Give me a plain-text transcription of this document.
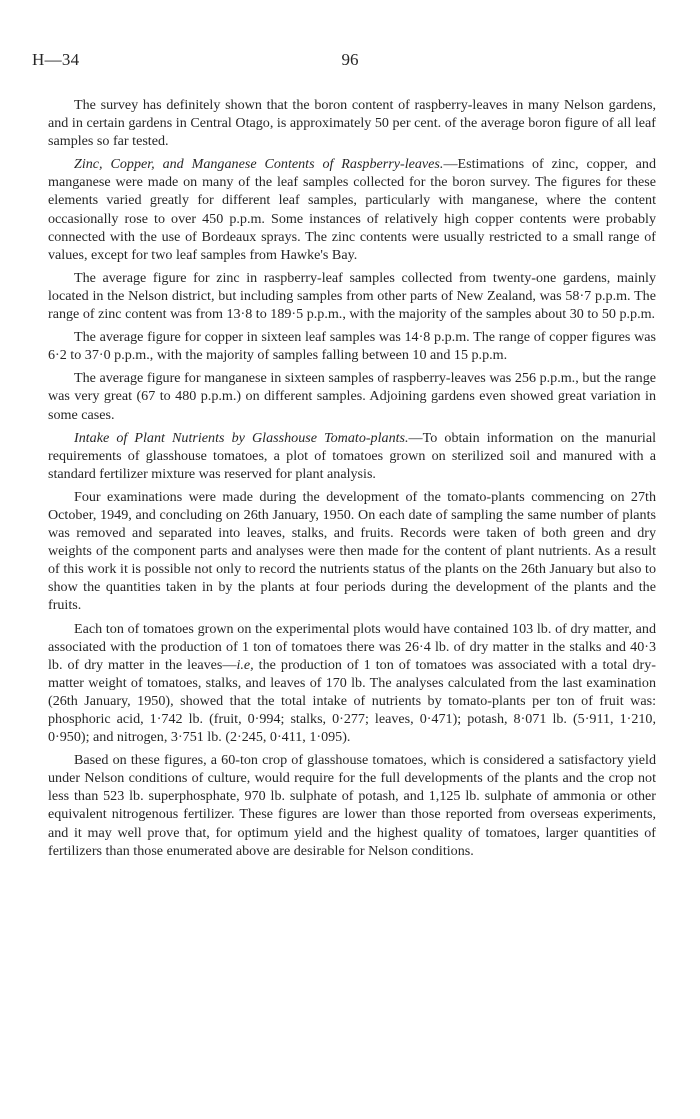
H—34	96

The survey has definitely shown that the boron content of raspberry-leaves in many Nelson gardens, and in certain gardens in Central Otago, is approximately 50 per cent. of the average boron figure of all leaf samples so far tested.

Zinc, Copper, and Manganese Contents of Raspberry-leaves.—Estimations of zinc, copper, and manganese were made on many of the leaf samples collected for the boron survey. The figures for these elements varied greatly for different leaf samples, particularly with manganese, where the content occasionally rose to over 450 p.p.m. Some instances of relatively high copper contents were probably connected with the use of Bordeaux sprays. The zinc contents were usually restricted to a small range of values, except for two leaf samples from Hawke's Bay.

The average figure for zinc in raspberry-leaf samples collected from twenty-one gardens, mainly located in the Nelson district, but including samples from other parts of New Zealand, was 58·7 p.p.m. The range of zinc content was from 13·8 to 189·5 p.p.m., with the majority of the samples about 30 to 50 p.p.m.

The average figure for copper in sixteen leaf samples was 14·8 p.p.m. The range of copper figures was 6·2 to 37·0 p.p.m., with the majority of samples falling between 10 and 15 p.p.m.

The average figure for manganese in sixteen samples of raspberry-leaves was 256 p.p.m., but the range was very great (67 to 480 p.p.m.) on different samples. Adjoining gardens even showed great variation in some cases.

Intake of Plant Nutrients by Glasshouse Tomato-plants.—To obtain information on the manurial requirements of glasshouse tomatoes, a plot of tomatoes grown on sterilized soil and manured with a standard fertilizer mixture was reserved for plant analysis.

Four examinations were made during the development of the tomato-plants commencing on 27th October, 1949, and concluding on 26th January, 1950. On each date of sampling the same number of plants was removed and separated into leaves, stalks, and fruits. Records were taken of both green and dry weights of the component parts and analyses were then made for the content of plant nutrients. As a result of this work it is possible not only to record the nutrients status of the plants on the 26th January but also to show the quantities taken in by the plants at four periods during the development of the plants and the fruits.

Each ton of tomatoes grown on the experimental plots would have contained 103 lb. of dry matter, and associated with the production of 1 ton of tomatoes there was 26·4 lb. of dry matter in the stalks and 40·3 lb. of dry matter in the leaves—i.e, the production of 1 ton of tomatoes was associated with a total dry-matter weight of tomatoes, stalks, and leaves of 170 lb. The analyses calculated from the last examination (26th January, 1950), showed that the total intake of nutrients by tomato-plants per ton of fruit was: phosphoric acid, 1·742 lb. (fruit, 0·994; stalks, 0·277; leaves, 0·471); potash, 8·071 lb. (5·911, 1·210, 0·950); and nitrogen, 3·751 lb. (2·245, 0·411, 1·095).

Based on these figures, a 60-ton crop of glasshouse tomatoes, which is considered a satisfactory yield under Nelson conditions of culture, would require for the full developments of the plants and the crop not less than 523 lb. superphosphate, 970 lb. sulphate of potash, and 1,125 lb. sulphate of ammonia or other equivalent nitrogenous fertilizer. These figures are lower than those reported from overseas experiments, and it may well prove that, for optimum yield and the highest quality of tomatoes, larger quantities of fertilizers than those enumerated above are desirable for Nelson conditions.
